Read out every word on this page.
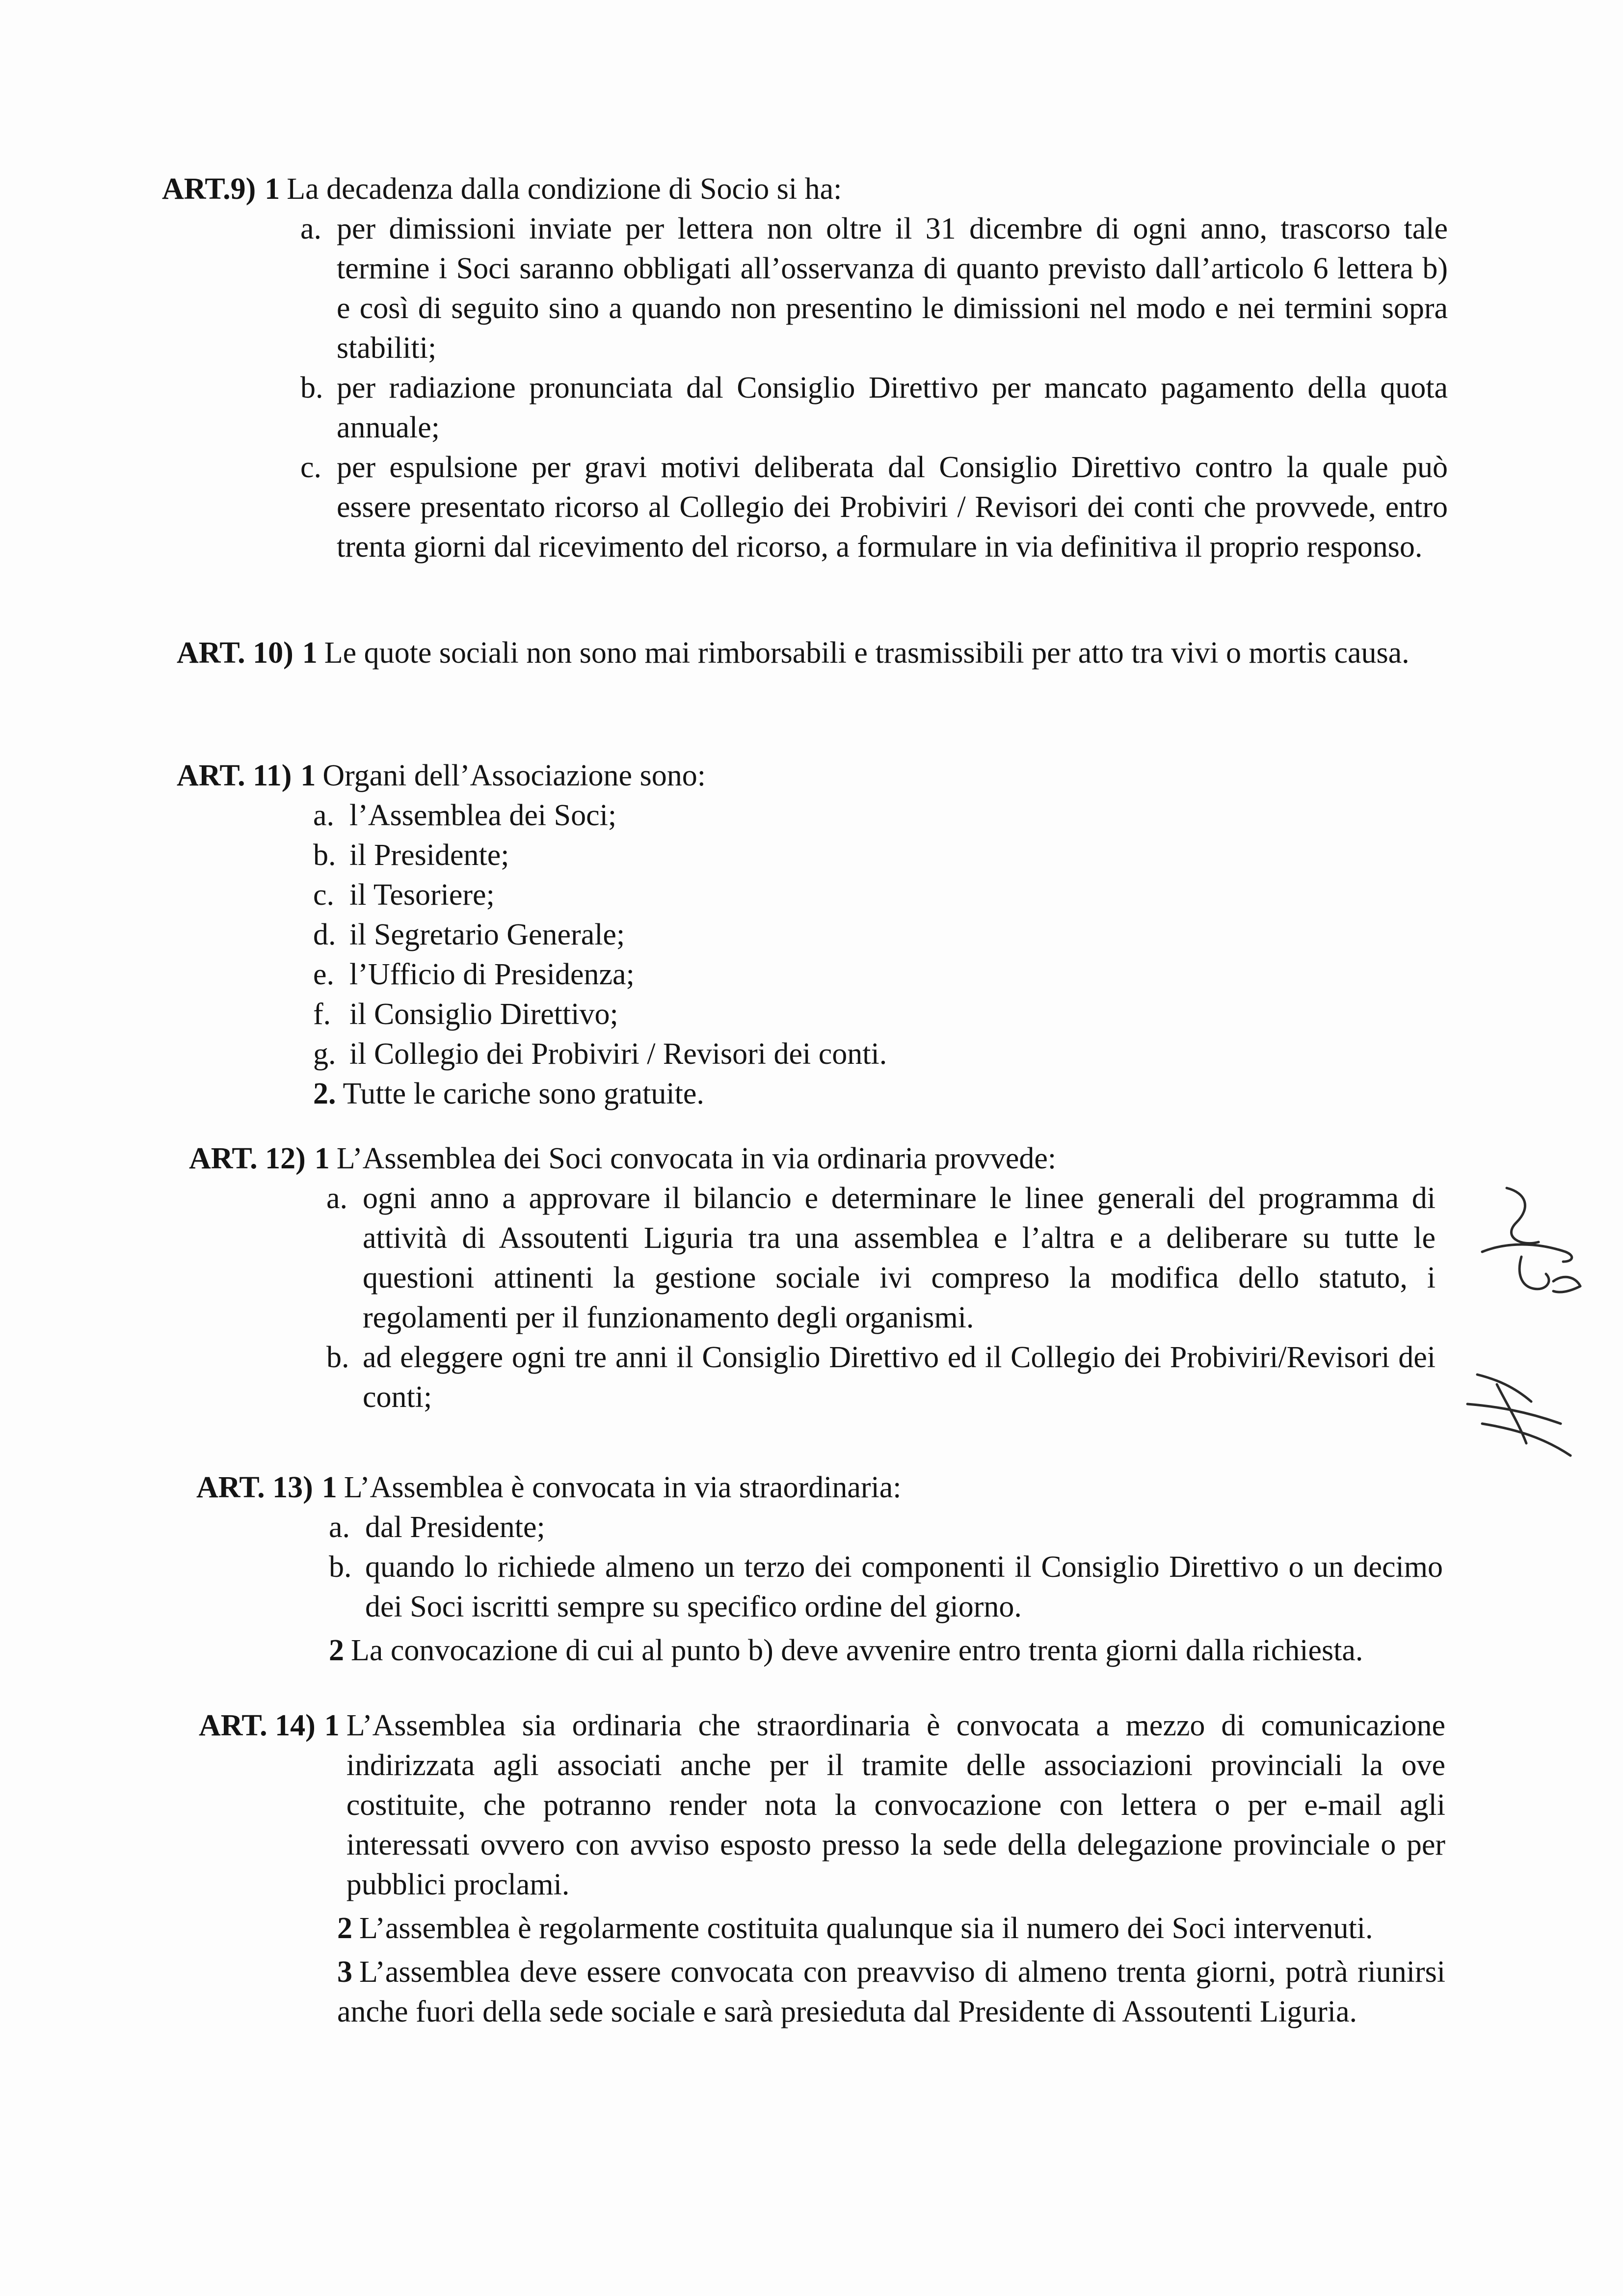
ART.9) 1 La decadenza dalla condizione di Socio si ha:
a. per dimissioni inviate per lettera non oltre il 31 dicembre di ogni anno, trascorso tale termine i Soci saranno obbligati all’osservanza di quanto previsto dall’articolo 6 lettera b) e così di seguito sino a quando non presentino le dimissioni nel modo e nei termini sopra stabiliti;
b. per radiazione pronunciata dal Consiglio Direttivo per mancato pagamento della quota annuale;
c. per espulsione per gravi motivi deliberata dal Consiglio Direttivo contro la quale può essere presentato ricorso al Collegio dei Probiviri / Revisori dei conti che provvede, entro trenta giorni dal ricevimento del ricorso, a formulare in via definitiva il proprio responso.
ART. 10) 1 Le quote sociali non sono mai rimborsabili e trasmissibili per atto tra vivi o mortis causa.
ART. 11) 1 Organi dell’Associazione sono:
a. l’Assemblea dei Soci;
b. il Presidente;
c. il Tesoriere;
d. il Segretario Generale;
e. l’Ufficio di Presidenza;
f. il Consiglio Direttivo;
g. il Collegio dei Probiviri / Revisori dei conti.
2. Tutte le cariche sono gratuite.
ART. 12) 1 L’Assemblea dei Soci convocata in via ordinaria provvede:
a. ogni anno a approvare il bilancio e determinare le linee generali del programma di attività di Assoutenti Liguria tra una assemblea e l’altra e a deliberare su tutte le questioni attinenti la gestione sociale ivi compreso la modifica dello statuto, i regolamenti per il funzionamento degli organismi.
b. ad eleggere ogni tre anni il Consiglio Direttivo ed il Collegio dei Probiviri/Revisori dei conti;
ART. 13) 1 L’Assemblea è convocata in via straordinaria:
a. dal Presidente;
b. quando lo richiede almeno un terzo dei componenti il Consiglio Direttivo o un decimo dei Soci iscritti sempre su specifico ordine del giorno.
2 La convocazione di cui al punto b) deve avvenire entro trenta giorni dalla richiesta.
ART. 14) 1 L’Assemblea sia ordinaria che straordinaria è convocata a mezzo di comunicazione indirizzata agli associati anche per il tramite delle associazioni provinciali la ove costituite, che potranno render nota la convocazione con lettera o per e-mail agli interessati ovvero con avviso esposto presso la sede della delegazione provinciale o per pubblici proclami.
2 L’assemblea è regolarmente costituita qualunque sia il numero dei Soci intervenuti.
3 L’assemblea deve essere convocata con preavviso di almeno trenta giorni, potrà riunirsi anche fuori della sede sociale e sarà presieduta dal Presidente di Assoutenti Liguria.
